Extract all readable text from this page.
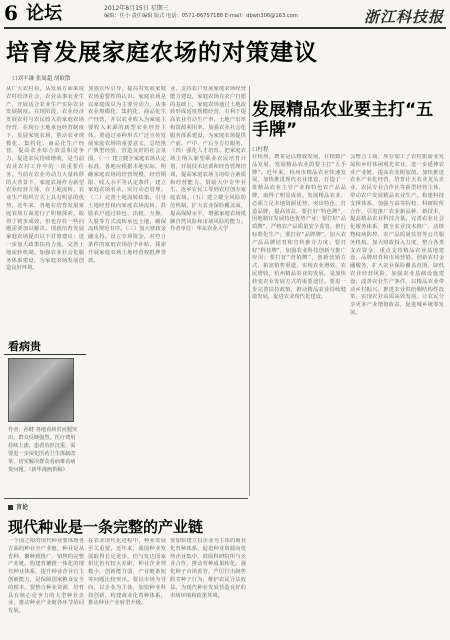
6 论坛	2012年8月15日 星期三
编辑：任小 责任编辑 版式 电话：0571-86757188 E-mail：dbwh306@163.com	浙江科技报
培育发展家庭农场的对策建议
口刘丰谦 张周超 胡欧散
从广大农村看，从发展方面来说农村经济社会，农业从事农业生产，开展适合农业生产实际农业发展制度。在现阶段，农业经济发展农村与农民收入的家庭农场经营，在现行土地承包经营制度下，发展家庭农场，推动农业规模化、集约化、商品化生产经营，提高农业综合效益和竞争力，促进农民持续增收，是当前农业农村工作中的一项重要任务。当前在农业劳动力大量转移的大背景下，家庭农场作为新型农业经营主体，在土地流转、农业生产组织方式上具有明显的优势，近年来，各地在培育发展家庭农场方面进行了积极探索，取得了初步成效，但也存在一些问题需要加以解决。现就培育发展家庭农场提出以下对策建议：进一步加大政策扶持力度，完善土地流转机制，加强农业社会化服务体系建设，为家庭农场发展创造良好环境。
加强宣传引导，提高对发展家庭农场重要性的认识。家庭农场是以家庭成员为主要劳动力，从事农业规模化、集约化、商品化生产经营，并以农业收入为家庭主要收入来源的新型农业经营主体。要通过多种形式广泛宣传发展家庭农场的重要意义，总结推广典型经验，营造良好的社会氛围。（一）建立健全家庭农场认定标准。各地应根据本地实际，明确家庭农场的经营规模、经营期限、收入水平等认定条件，建立家庭农场名录，实行动态管理。（二）完善土地流转政策。引导土地经营权向家庭农场流转，鼓励农户通过转包、出租、互换、入股等方式流转承包土地，确保流转规范有序。（三）加大财政金融支持。设立专项资金，对符合条件的家庭农场给予补贴，探索开展家庭农场土地经营权抵押贷款。
业，支持农户发展家庭农场经营能力建设，家庭农场在农户自愿的基础上，家庭农场通过土地流转形成适度规模经营，有利于提高农业劳动生产率、土地产出率和资源利用率。加强农业社会化服务体系建设，为家庭农场提供产前、产中、产后全方位服务。（四）强化人才培育。把家庭农场主纳入新型职业农民培育计划，开展技术培训和经营管理培训，提高家庭农场主的综合素质和经营能力。鼓励大中专毕业生、返乡农民工等到农村创办家庭农场。（五）建立健全风险防范机制。扩大农业保险覆盖面，提高保障水平，增强家庭农场抵御自然风险和市场风险的能力。作者单位：华东农业大学
发展精品农业要主打“五手牌”
口杜程
在杭州，農業是以精致发展，在精致产品发展，发展精品农业的要主打“五手牌”。近年来，杭州市精品农业快速发展，加快推进现代农业建设，打造了一批精品农业主导产业和特色农产品品牌，取得了明显成效。发展精品农业，必须立足本地资源优势，突出特色，打造品牌，提高效益。要打好“特色牌”，因地制宜发展特色优势产业；要打好“品质牌”，严格农产品质量安全监管，推行标准化生产；要打好“品牌牌”，加大农产品品牌培育和宣传推介力度；要打好“科技牌”，加强农业科技创新与推广应用；要打好“营销牌”，创新营销方式，拓宽销售渠道，实现农业增效、农民增收。杭州精品农业的发展，是加快转变农业发展方式的重要途径。要进一步完善扶持政策，推动精品农业持续健康发展，促进农业现代化建设。
会整合工商、库存加工了农村旅游业发展和乡村休闲观光农业，进一步延伸农业产业链，提高农业附加值。加快推进农业产业化经营，培育壮大农业龙头企业、农民专业合作社等新型经营主体，带动农户发展精品农业生产。构建科技支撑体系，加强与高等院校、科研院所合作，引进推广农业新品种、新技术，提高精品农业科技含量。完善农业社会化服务体系，健全农业技术推广、动植物疫病防控、农产品质量监管等公共服务机构。加大财政投入力度，整合各类支农资金，重点支持精品农业基地建设、品牌培育和市场营销。创新农村金融服务，扩大农业保险覆盖范围，降低农业经营风险。加强农业基础设施建设，改善农业生产条件。以精品农业带动乡村振兴，推进农业供给侧结构性改革，实现农业高质高效发展，让农民分享更多产业增值收益，促进城乡统筹发展。
看病贵
作者：孙健 各地看病贵问题突出，群众反映强烈。医疗费用持续上涨，患者负担沉重，需要进一步深化医药卫生体制改革，切实解决群众看病难看病贵问题。（新华漫画供稿）
言论
现代种业是一条完整的产业链
一个国之根的现代种业要体现各方面的种业全产业链，种业是从育种、繁种到推广、销售的完整产业链。构建育繁推一体化的现代种业体系，提升种业企业自主创新能力，是保障国家粮食安全的根本。要整合种业资源，培育具有核心竞争力的大型种业企业，推动种业产业链各环节协同发展。
在农业现代化进程中，种业发展至关重要。近年来，我国种业发展取得长足进步，但与发达国家相比仍有较大差距，种业企业规模小、创新能力弱、产业链条短等问题比较突出。要以市场为导向，以企业为主体，加快种业科技创新，构建商业化育种体系，推动种业产业转型升级。
要加快建立以企业为主体的商业化育种体系，促进种业资源向优势企业集中，鼓励科研院所与企业合作，推动育种成果转化。强化种子市场监管，严厉打击制售假劣种子行为，维护农民合法权益，为现代种业发展营造良好的市场环境和政策环境。
